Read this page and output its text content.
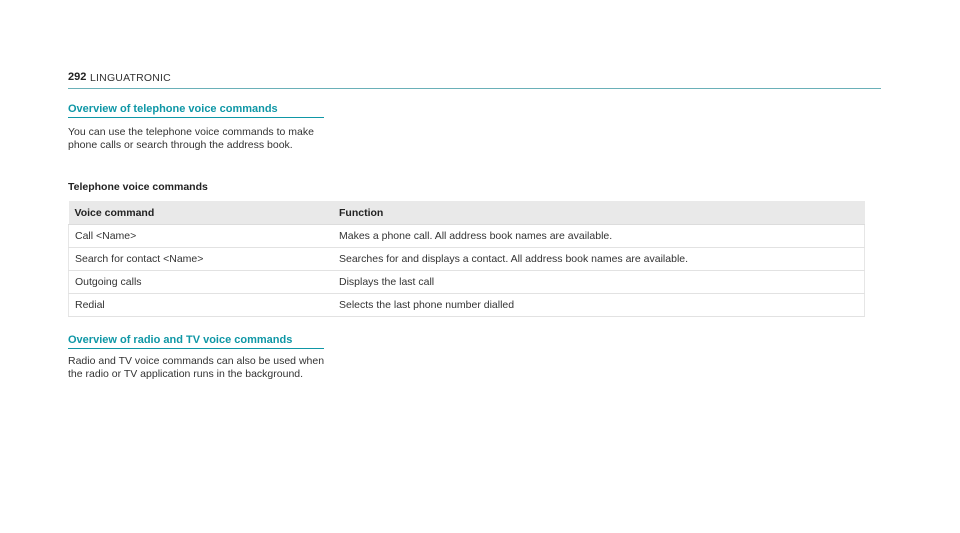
292 LINGUATRONIC
Overview of telephone voice commands
You can use the telephone voice commands to make phone calls or search through the address book.
Telephone voice commands
Voice command	Function
Call <Name>	Makes a phone call. All address book names are available.
Search for contact <Name>	Searches for and displays a contact. All address book names are available.
Outgoing calls	Displays the last call
Redial	Selects the last phone number dialled
Overview of radio and TV voice commands
Radio and TV voice commands can also be used when the radio or TV application runs in the background.
